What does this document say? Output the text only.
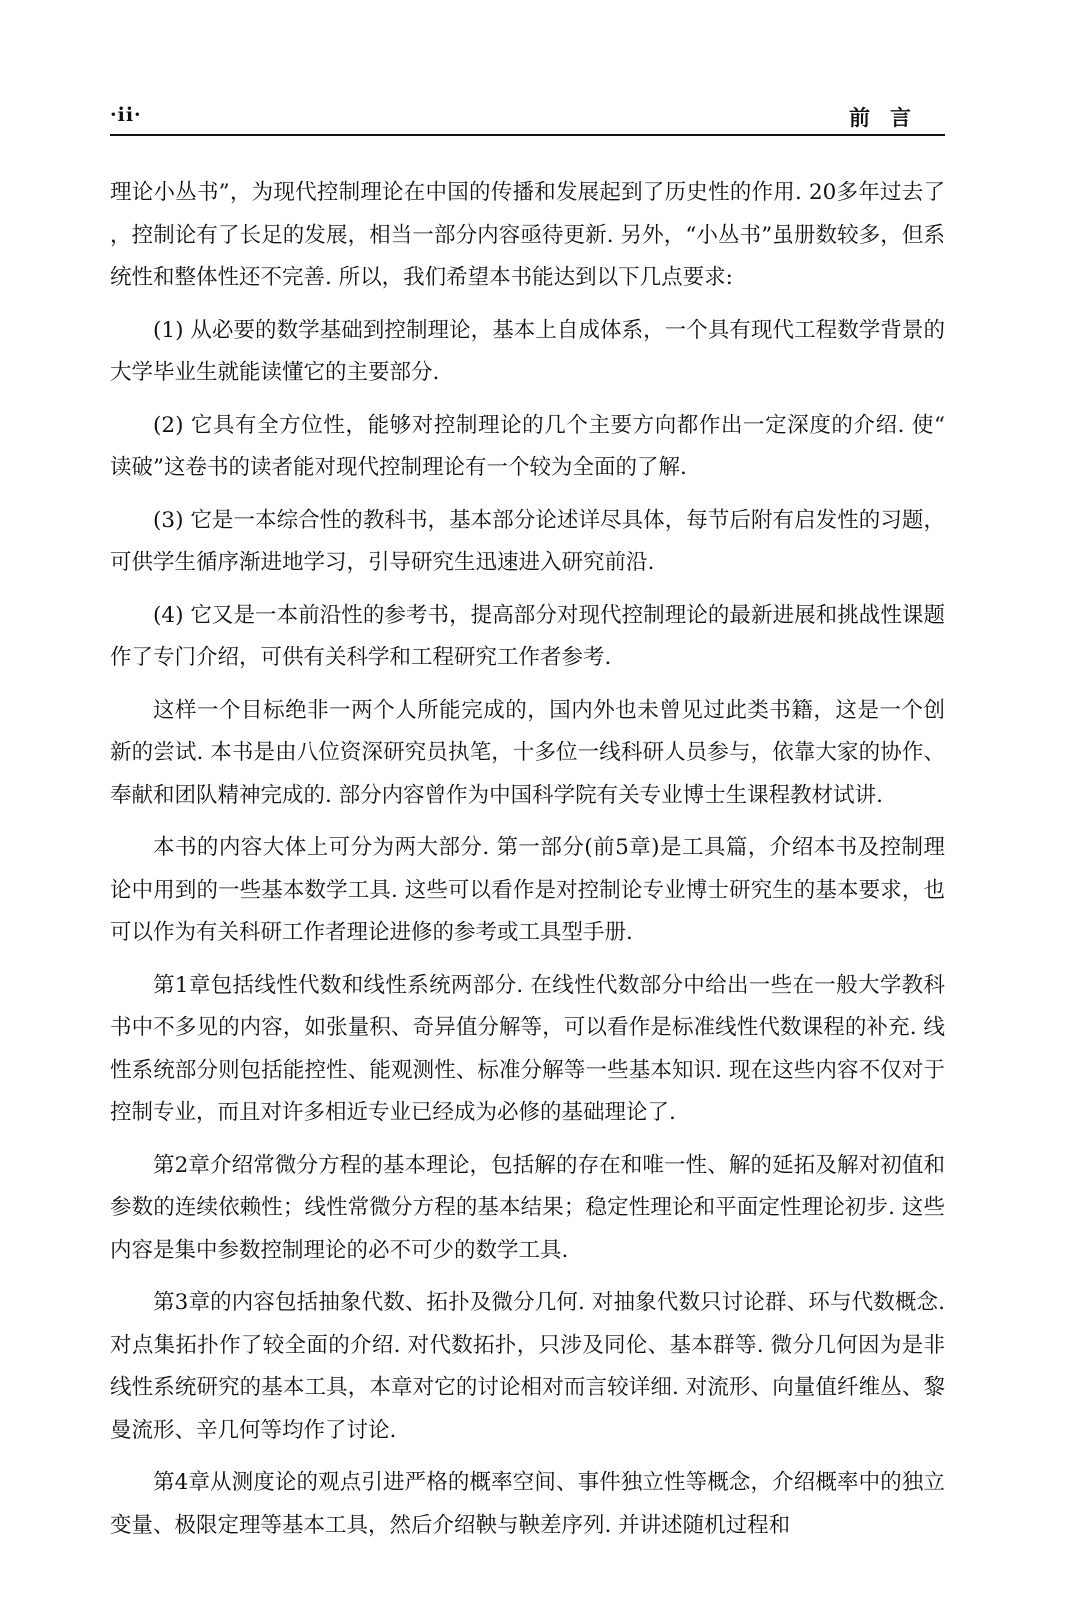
·ii·	前言

理论小丛书”，为现代控制理论在中国的传播和发展起到了历史性的作用. 20多年过去了，控制论有了长足的发展，相当一部分内容亟待更新. 另外，“小丛书”虽册数较多，但系统性和整体性还不完善. 所以，我们希望本书能达到以下几点要求:

(1) 从必要的数学基础到控制理论，基本上自成体系，一个具有现代工程数学背景的大学毕业生就能读懂它的主要部分.

(2) 它具有全方位性，能够对控制理论的几个主要方向都作出一定深度的介绍. 使“读破”这卷书的读者能对现代控制理论有一个较为全面的了解.

(3) 它是一本综合性的教科书，基本部分论述详尽具体，每节后附有启发性的习题，可供学生循序渐进地学习，引导研究生迅速进入研究前沿.

(4) 它又是一本前沿性的参考书，提高部分对现代控制理论的最新进展和挑战性课题作了专门介绍，可供有关科学和工程研究工作者参考.

这样一个目标绝非一两个人所能完成的，国内外也未曾见过此类书籍，这是一个创新的尝试. 本书是由八位资深研究员执笔，十多位一线科研人员参与，依靠大家的协作、奉献和团队精神完成的. 部分内容曾作为中国科学院有关专业博士生课程教材试讲.

本书的内容大体上可分为两大部分. 第一部分(前5章)是工具篇，介绍本书及控制理论中用到的一些基本数学工具. 这些可以看作是对控制论专业博士研究生的基本要求，也可以作为有关科研工作者理论进修的参考或工具型手册.

第1章包括线性代数和线性系统两部分. 在线性代数部分中给出一些在一般大学教科书中不多见的内容，如张量积、奇异值分解等，可以看作是标准线性代数课程的补充. 线性系统部分则包括能控性、能观测性、标准分解等一些基本知识. 现在这些内容不仅对于控制专业，而且对许多相近专业已经成为必修的基础理论了.

第2章介绍常微分方程的基本理论，包括解的存在和唯一性、解的延拓及解对初值和参数的连续依赖性；线性常微分方程的基本结果；稳定性理论和平面定性理论初步. 这些内容是集中参数控制理论的必不可少的数学工具.

第3章的内容包括抽象代数、拓扑及微分几何. 对抽象代数只讨论群、环与代数概念. 对点集拓扑作了较全面的介绍. 对代数拓扑，只涉及同伦、基本群等. 微分几何因为是非线性系统研究的基本工具，本章对它的讨论相对而言较详细. 对流形、向量值纤维丛、黎曼流形、辛几何等均作了讨论.

第4章从测度论的观点引进严格的概率空间、事件独立性等概念，介绍概率中的独立变量、极限定理等基本工具，然后介绍鞅与鞅差序列. 并讲述随机过程和
